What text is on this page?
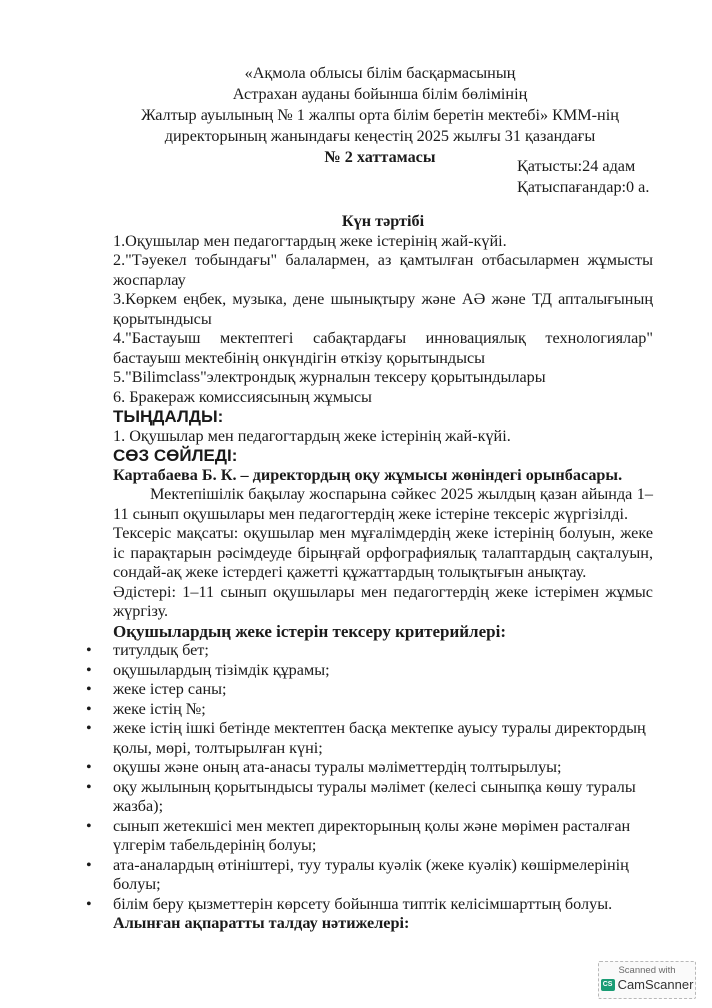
«Ақмола облысы білім басқармасының
Астрахан ауданы бойынша білім бөлімінің
Жалтыр ауылының № 1 жалпы орта білім беретін мектебі» КММ-нің
директорының жанындағы кеңестің 2025 жылғы 31 қазандағы
№ 2 хаттамасы	Қатысты:24 адам
Қатыспағандар:0 а.

Күн тәртібі

1.Оқушылар мен педагогтардың жеке істерінің жай-күйі.

2."Тәуекел тобындағы" балалармен, аз қамтылған отбасылармен жұмысты жоспарлау

3.Көркем еңбек, музыка, дене шынықтыру және АӘ және ТД апталығының қорытындысы

4."Бастауыш мектептегі сабақтардағы инновациялық технологиялар" бастауыш мектебінің онкүндігін өткізу қорытындысы

5."Bilimclass"электрондық журналын тексеру қорытындылары

6. Бракераж комиссиясының жұмысы

ТЫҢДАЛДЫ:

1. Оқушылар мен педагогтардың жеке істерінің жай-күйі.

СӨЗ СӨЙЛЕДІ:

Картабаева Б. К. – директордың оқу жұмысы жөніндегі орынбасары.

Мектепішілік бақылау жоспарына сәйкес 2025 жылдың қазан айында 1–11 сынып оқушылары мен педагогтердің жеке істеріне тексеріс жүргізілді.

Тексеріс мақсаты: оқушылар мен мұғалімдердің жеке істерінің болуын, жеке іс парақтарын рәсімдеуде бірыңғай орфографиялық талаптардың сақталуын, сондай-ақ жеке істердегі қажетті құжаттардың толықтығын анықтау.

Әдістері: 1–11 сынып оқушылары мен педагогтердің жеке істерімен жұмыс жүргізу.

Оқушылардың жеке істерін тексеру критерийлері:

• титулдық бет;
• оқушылардың тізімдік құрамы;
• жеке істер саны;
• жеке істің №;
• жеке істің ішкі бетінде мектептен басқа мектепке ауысу туралы директордың қолы, мөрі, толтырылған күні;
• оқушы және оның ата-анасы туралы мәліметтердің толтырылуы;
• оқу жылының қорытындысы туралы мәлімет (келесі сыныпқа көшу туралы жазба);
• сынып жетекшісі мен мектеп директорының қолы және мөрімен расталған үлгерім табельдерінің болуы;
• ата-аналардың өтініштері, туу туралы куәлік (жеке куәлік) көшірмелерінің болуы;
• білім беру қызметтерін көрсету бойынша типтік келісімшарттың болуы.

Алынған ақпаратты талдау нәтижелері:

Scanned with
CS CamScanner
